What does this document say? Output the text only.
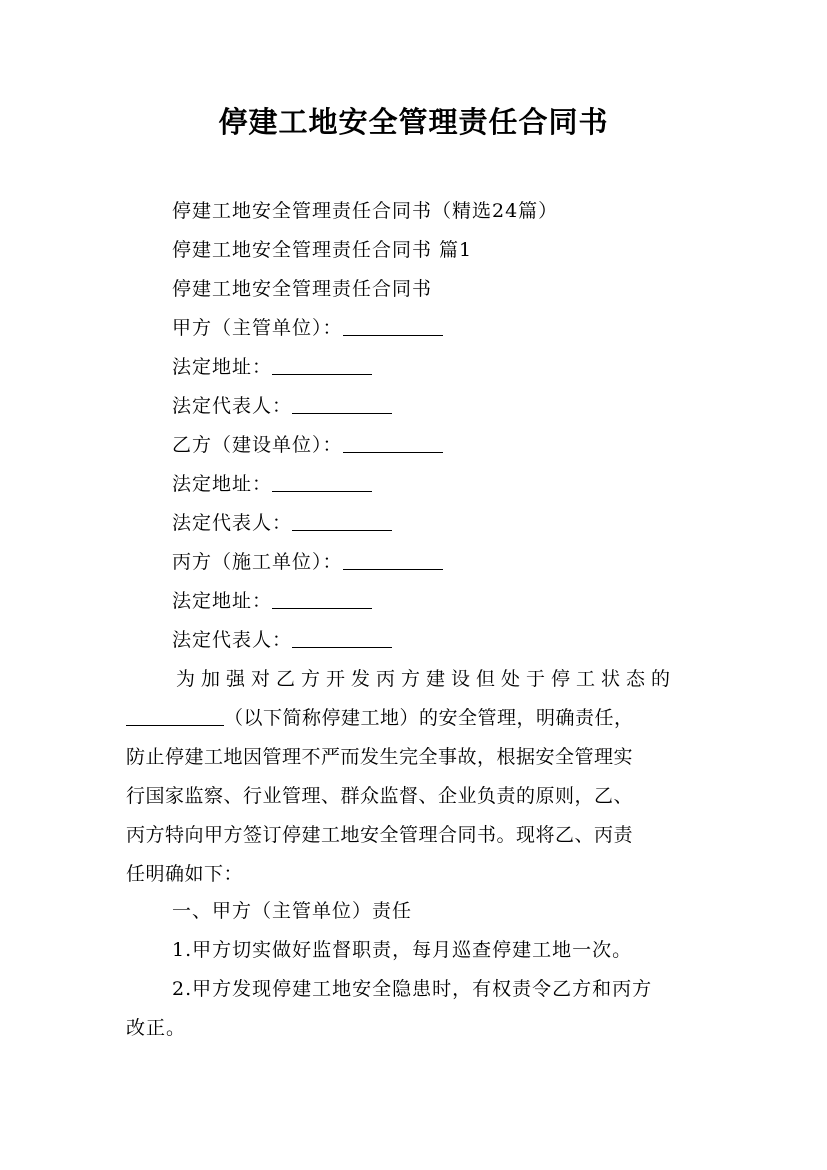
停建工地安全管理责任合同书
停建工地安全管理责任合同书（精选24篇）
停建工地安全管理责任合同书 篇1
停建工地安全管理责任合同书
甲方（主管单位）：
法定地址：
法定代表人：
乙方（建设单位）：
法定地址：
法定代表人：
丙方（施工单位）：
法定地址：
法定代表人：
为加强对乙方开发丙方建设但处于停工状态的
（以下简称停建工地）的安全管理，明确责任，
防止停建工地因管理不严而发生完全事故，根据安全管理实
行国家监察、行业管理、群众监督、企业负责的原则，乙、
丙方特向甲方签订停建工地安全管理合同书。现将乙、丙责
任明确如下：
一、甲方（主管单位）责任
1.甲方切实做好监督职责，每月巡查停建工地一次。
2.甲方发现停建工地安全隐患时，有权责令乙方和丙方
改正。
